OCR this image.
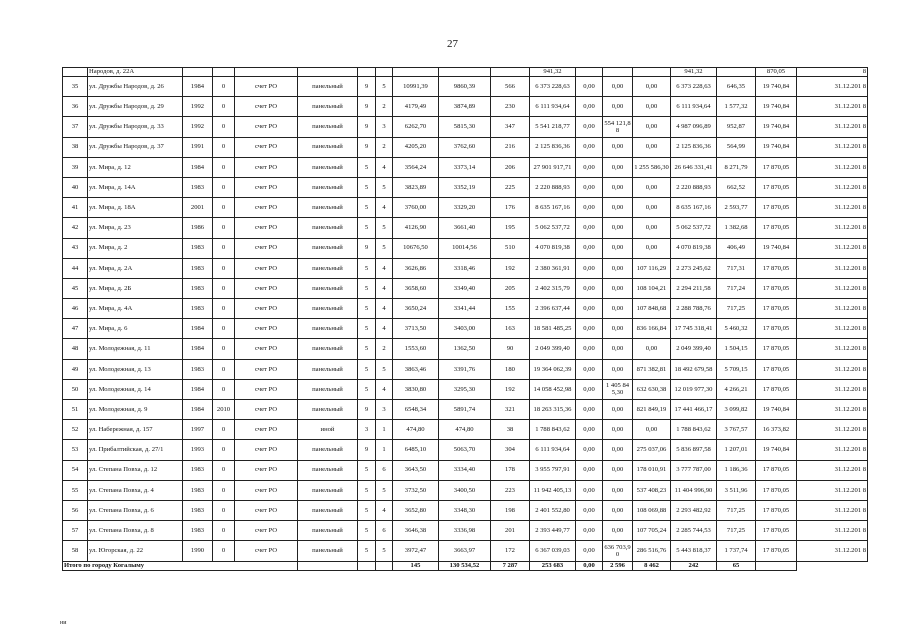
27
	Народов, д. 22А										941,32				941,32		870,05	8
35	ул. Дружбы Народов, д. 26	1984	0	счет РО	панельный	9	5	10991,39	9860,39	566	6 373 228,63	0,00	0,00	0,00	6 373 228,63	646,35	19 740,84	31.12.201 8
36	ул. Дружбы Народов, д. 29	1992	0	счет РО	панельный	9	2	4179,49	3874,89	230	6 111 934,64	0,00	0,00	0,00	6 111 934,64	1 577,32	19 740,84	31.12.201 8
37	ул. Дружбы Народов, д. 33	1992	0	счет РО	панельный	9	3	6262,70	5815,30	347	5 541 218,77	0,00	554 121,88	0,00	4 987 096,89	952,87	19 740,84	31.12.201 8
38	ул. Дружбы Народов, д. 37	1991	0	счет РО	панельный	9	2	4205,20	3762,60	216	2 125 836,36	0,00	0,00	0,00	2 125 836,36	564,99	19 740,84	31.12.201 8
39	ул. Мира, д. 12	1984	0	счет РО	панельный	5	4	3564,24	3373,14	206	27 901 917,71	0,00	0,00	1 255 586,30	26 646 331,41	8 271,79	17 870,05	31.12.201 8
40	ул. Мира, д. 14А	1983	0	счет РО	панельный	5	5	3823,89	3352,19	225	2 220 888,93	0,00	0,00	0,00	2 220 888,93	662,52	17 870,05	31.12.201 8
41	ул. Мира, д. 18А	2001	0	счет РО	панельный	5	4	3760,00	3329,20	176	8 635 167,16	0,00	0,00	0,00	8 635 167,16	2 593,77	17 870,05	31.12.201 8
42	ул. Мира, д. 23	1986	0	счет РО	панельный	5	5	4126,90	3661,40	195	5 062 537,72	0,00	0,00	0,00	5 062 537,72	1 382,68	17 870,05	31.12.201 8
43	ул. Мира, д. 2	1983	0	счет РО	панельный	9	5	10676,50	10014,56	510	4 070 819,38	0,00	0,00	0,00	4 070 819,38	406,49	19 740,84	31.12.201 8
44	ул. Мира, д. 2А	1983	0	счет РО	панельный	5	4	3626,86	3318,46	192	2 380 361,91	0,00	0,00	107 116,29	2 273 245,62	717,31	17 870,05	31.12.201 8
45	ул. Мира, д. 2Б	1983	0	счет РО	панельный	5	4	3658,60	3349,40	205	2 402 315,79	0,00	0,00	108 104,21	2 294 211,58	717,24	17 870,05	31.12.201 8
46	ул. Мира, д. 4А	1983	0	счет РО	панельный	5	4	3650,24	3341,44	155	2 396 637,44	0,00	0,00	107 848,68	2 288 788,76	717,25	17 870,05	31.12.201 8
47	ул. Мира, д. 6	1984	0	счет РО	панельный	5	4	3713,50	3403,00	163	18 581 485,25	0,00	0,00	836 166,84	17 745 318,41	5 460,32	17 870,05	31.12.201 8
48	ул. Молодежная, д. 11	1984	0	счет РО	панельный	5	2	1553,60	1362,50	90	2 049 399,40	0,00	0,00	0,00	2 049 399,40	1 504,15	17 870,05	31.12.201 8
49	ул. Молодежная, д. 13	1983	0	счет РО	панельный	5	5	3863,46	3391,76	180	19 364 062,39	0,00	0,00	871 382,81	18 492 679,58	5 709,15	17 870,05	31.12.201 8
50	ул. Молодежная, д. 14	1984	0	счет РО	панельный	5	4	3830,80	3295,30	192	14 058 452,98	0,00	1 405 845,30	632 630,38	12 019 977,30	4 266,21	17 870,05	31.12.201 8
51	ул. Молодежная, д. 9	1984	2010	счет РО	панельный	9	3	6548,34	5891,74	321	18 263 315,36	0,00	0,00	821 849,19	17 441 466,17	3 099,82	19 740,84	31.12.201 8
52	ул. Набережная, д. 157	1997	0	счет РО	иной	3	1	474,80	474,80	38	1 788 843,62	0,00	0,00	0,00	1 788 843,62	3 767,57	16 373,82	31.12.201 8
53	ул. Прибалтийская, д. 27/1	1993	0	счет РО	панельный	9	1	6485,10	5063,70	304	6 111 934,64	0,00	0,00	275 037,06	5 836 897,58	1 207,01	19 740,84	31.12.201 8
54	ул. Степана Повха, д. 12	1983	0	счет РО	панельный	5	6	3643,50	3334,40	178	3 955 797,91	0,00	0,00	178 010,91	3 777 787,00	1 186,36	17 870,05	31.12.201 8
55	ул. Степана Повха, д. 4	1983	0	счет РО	панельный	5	5	3732,50	3400,50	223	11 942 405,13	0,00	0,00	537 408,23	11 404 996,90	3 511,96	17 870,05	31.12.201 8
56	ул. Степана Повха, д. 6	1983	0	счет РО	панельный	5	4	3652,80	3348,30	198	2 401 552,80	0,00	0,00	108 069,88	2 293 482,92	717,25	17 870,05	31.12.201 8
57	ул. Степана Повха, д. 8	1983	0	счет РО	панельный	5	6	3646,38	3336,98	201	2 393 449,77	0,00	0,00	107 705,24	2 285 744,53	717,25	17 870,05	31.12.201 8
58	ул. Югорская, д. 22	1990	0	счет РО	панельный	5	5	3972,47	3663,97	172	6 367 039,03	0,00	636 703,90	286 516,76	5 443 818,37	1 737,74	17 870,05	31.12.201 8
Итого по городу Когалыму								145	130 534,52	7 287	253 683	0,00	2 596	8 462	242	65		
ни
